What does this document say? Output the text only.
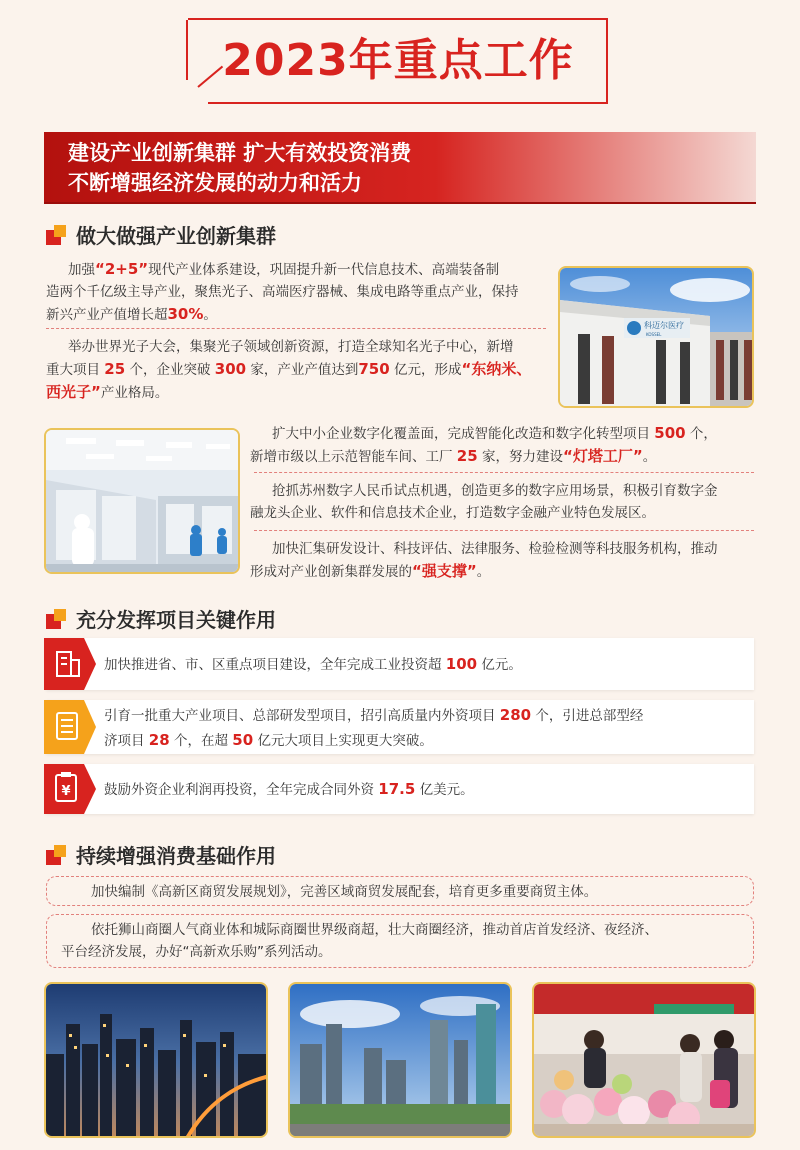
2023年重点工作
建设产业创新集群 扩大有效投资消费
不断增强经济发展的动力和活力
做大做强产业创新集群
加强“2+5”现代产业体系建设，巩固提升新一代信息技术、高端装备制
造两个千亿级主导产业，聚焦光子、高端医疗器械、集成电路等重点产业，保持
新兴产业产值增长超30%。
举办世界光子大会，集聚光子领域创新资源，打造全球知名光子中心，新增
重大项目 25 个，企业突破 300 家，产业产值达到750 亿元，形成“东纳米、
西光子”产业格局。
科迈尔医疗
KOSSEL
扩大中小企业数字化覆盖面，完成智能化改造和数字化转型项目 500 个，
新增市级以上示范智能车间、工厂 25 家，努力建设“灯塔工厂”。
抢抓苏州数字人民币试点机遇，创造更多的数字应用场景，积极引育数字金
融龙头企业、软件和信息技术企业，打造数字金融产业特色发展区。
加快汇集研发设计、科技评估、法律服务、检验检测等科技服务机构，推动
形成对产业创新集群发展的“强支撑”。
充分发挥项目关键作用
加快推进省、市、区重点项目建设，全年完成工业投资超 100 亿元。
引育一批重大产业项目、总部研发型项目，招引高质量内外资项目 280 个，引进总部型经
济项目 28 个，在超 50 亿元大项目上实现更大突破。
¥ 鼓励外资企业利润再投资，全年完成合同外资 17.5 亿美元。
持续增强消费基础作用
加快编制《高新区商贸发展规划》，完善区域商贸发展配套，培育更多重要商贸主体。
依托狮山商圈人气商业体和城际商圈世界级商超，壮大商圈经济，推动首店首发经济、夜经济、
平台经济发展，办好“高新欢乐购”系列活动。
